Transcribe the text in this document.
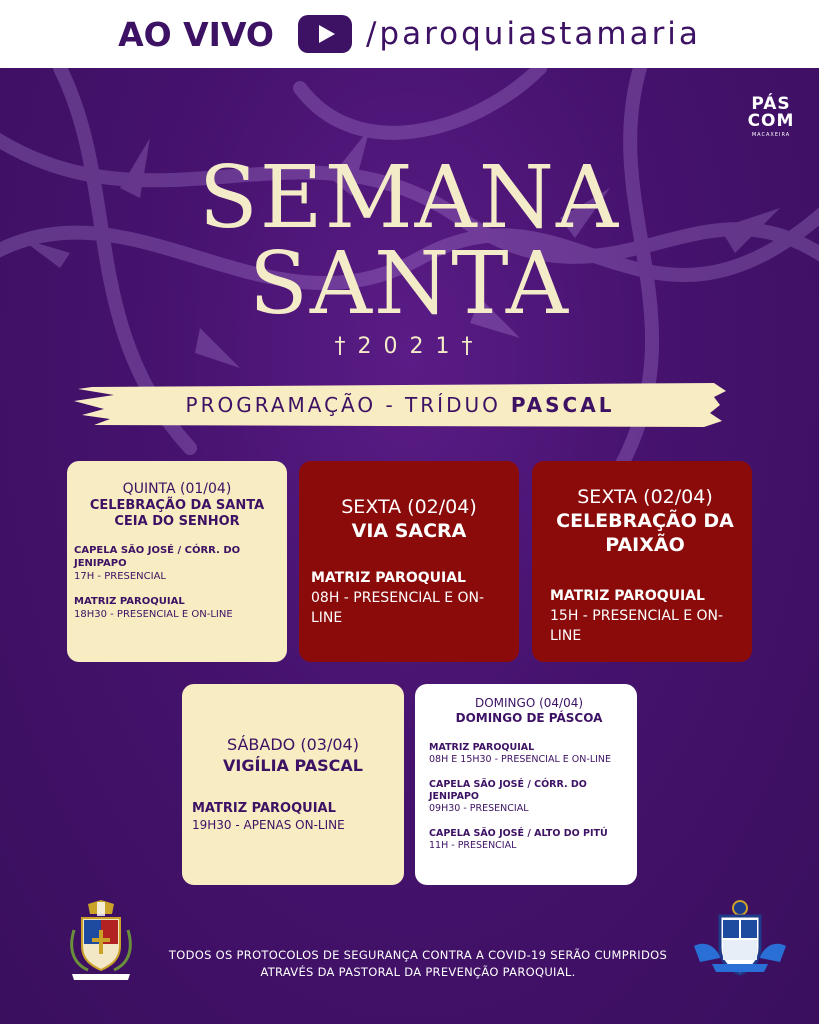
AO VIVO	/paroquiastamaria
PÁS
COM
MACAXEIRA
SEMANA
SANTA
†2021†
PROGRAMAÇÃO - TRÍDUO PASCAL
QUINTA (01/04)
CELEBRAÇÃO DA SANTA CEIA DO SENHOR
CAPELA SÃO JOSÉ / CÓRR. DO JENIPAPO
17H - PRESENCIAL
MATRIZ PAROQUIAL
18H30 - PRESENCIAL E ON-LINE
SEXTA (02/04)
VIA SACRA
MATRIZ PAROQUIAL
08H - PRESENCIAL E ON-LINE
SEXTA (02/04)
CELEBRAÇÃO DA PAIXÃO
MATRIZ PAROQUIAL
15H - PRESENCIAL E ON-LINE
SÁBADO (03/04)
VIGÍLIA PASCAL
MATRIZ PAROQUIAL
19H30 - APENAS ON-LINE
DOMINGO (04/04)
DOMINGO DE PÁSCOA
MATRIZ PAROQUIAL
08H E 15H30 - PRESENCIAL E ON-LINE
CAPELA SÃO JOSÉ / CÓRR. DO JENIPAPO
09H30 - PRESENCIAL
CAPELA SÃO JOSÉ / ALTO DO PITÚ
11H - PRESENCIAL
TODOS OS PROTOCOLOS DE SEGURANÇA CONTRA A COVID-19 SERÃO CUMPRIDOS ATRAVÉS DA PASTORAL DA PREVENÇÃO PAROQUIAL.
